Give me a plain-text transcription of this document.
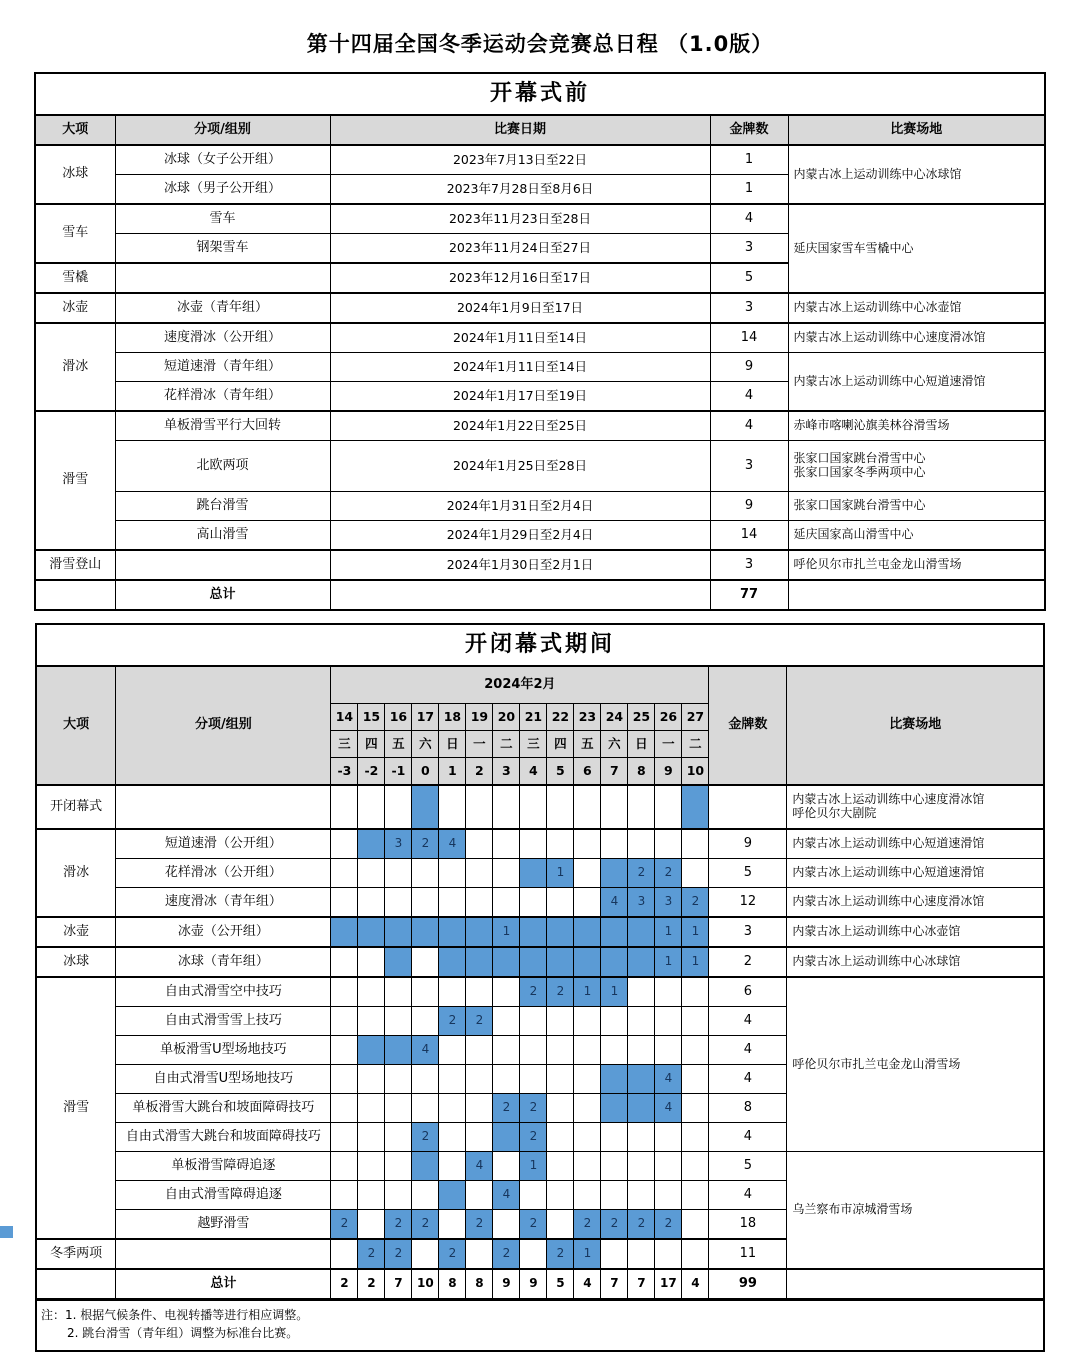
第十四届全国冬季运动会竞赛总日程 （1.0版）
开幕式前				
大项	分项/组别	比赛日期	金牌数	比赛场地
冰球	冰球（女子公开组）	2023年7月13日至22日	1	内蒙古冰上运动训练中心冰球馆

	冰球（男子公开组）	2023年7月28日至8月6日	1	
雪车	雪车	2023年11月23日至28日	4	延庆国家雪车雪橇中心

	钢架雪车	2023年11月24日至27日	3	
雪橇		2023年12月16日至17日	5	
冰壶	冰壶（青年组）	2024年1月9日至17日	3	内蒙古冰上运动训练中心冰壶馆

滑冰	速度滑冰（公开组）	2024年1月11日至14日	14	内蒙古冰上运动训练中心速度滑冰馆

	短道速滑（青年组）	2024年1月11日至14日	9	内蒙古冰上运动训练中心短道速滑馆

	花样滑冰（青年组）	2024年1月17日至19日	4	
滑雪	单板滑雪平行大回转	2024年1月22日至25日	4	赤峰市喀喇沁旗美林谷滑雪场

	北欧两项	2024年1月25日至28日	3	张家口国家跳台滑雪中心
张家口国家冬季两项中心

	跳台滑雪	2024年1月31日至2月4日	9	张家口国家跳台滑雪中心

	高山滑雪	2024年1月29日至2月4日	14	延庆国家高山滑雪中心

滑雪登山		2024年1月30日至2月1日	3	呼伦贝尔市扎兰屯金龙山滑雪场

	总计		77	
开闭幕式期间																	
大项	分项/组别	2024年2月														金牌数	比赛场地
		14	15	16	17	18	19	20	21	22	23	24	25	26	27		
		三	四	五	六	日	一	二	三	四	五	六	日	一	二		
		-3	-2	-1	0	1	2	3	4	5	6	7	8	9	10		
开闭幕式																	内蒙古冰上运动训练中心速度滑冰馆
呼伦贝尔大剧院

滑冰	短道速滑（公开组）			3	2	4										9	内蒙古冰上运动训练中心短道速滑馆

	花样滑冰（公开组）									1			2	2		5	内蒙古冰上运动训练中心短道速滑馆

	速度滑冰（青年组）											4	3	3	2	12	内蒙古冰上运动训练中心速度滑冰馆

冰壶	冰壶（公开组）							1						1	1	3	内蒙古冰上运动训练中心冰壶馆

冰球	冰球（青年组）													1	1	2	内蒙古冰上运动训练中心冰球馆

滑雪	自由式滑雪空中技巧								2	2	1	1				6	呼伦贝尔市扎兰屯金龙山滑雪场

	自由式滑雪雪上技巧					2	2									4	
	单板滑雪U型场地技巧				4											4	
	自由式滑雪U型场地技巧													4		4	
	单板滑雪大跳台和坡面障碍技巧							2	2					4		8	
	自由式滑雪大跳台和坡面障碍技巧				2				2							4	
	单板滑雪障碍追逐						4		1							5	乌兰察布市凉城滑雪场

	自由式滑雪障碍追逐							4								4	
	越野滑雪	2		2	2		2		2		2	2	2	2		18	
冬季两项			2	2		2		2		2	1					11	
	总计	2	2	7	10	8	8	9	9	5	4	7	7	17	4	99	
注：1. 根据气候条件、电视转播等进行相应调整。
2. 跳台滑雪（青年组）调整为标准台比赛。
